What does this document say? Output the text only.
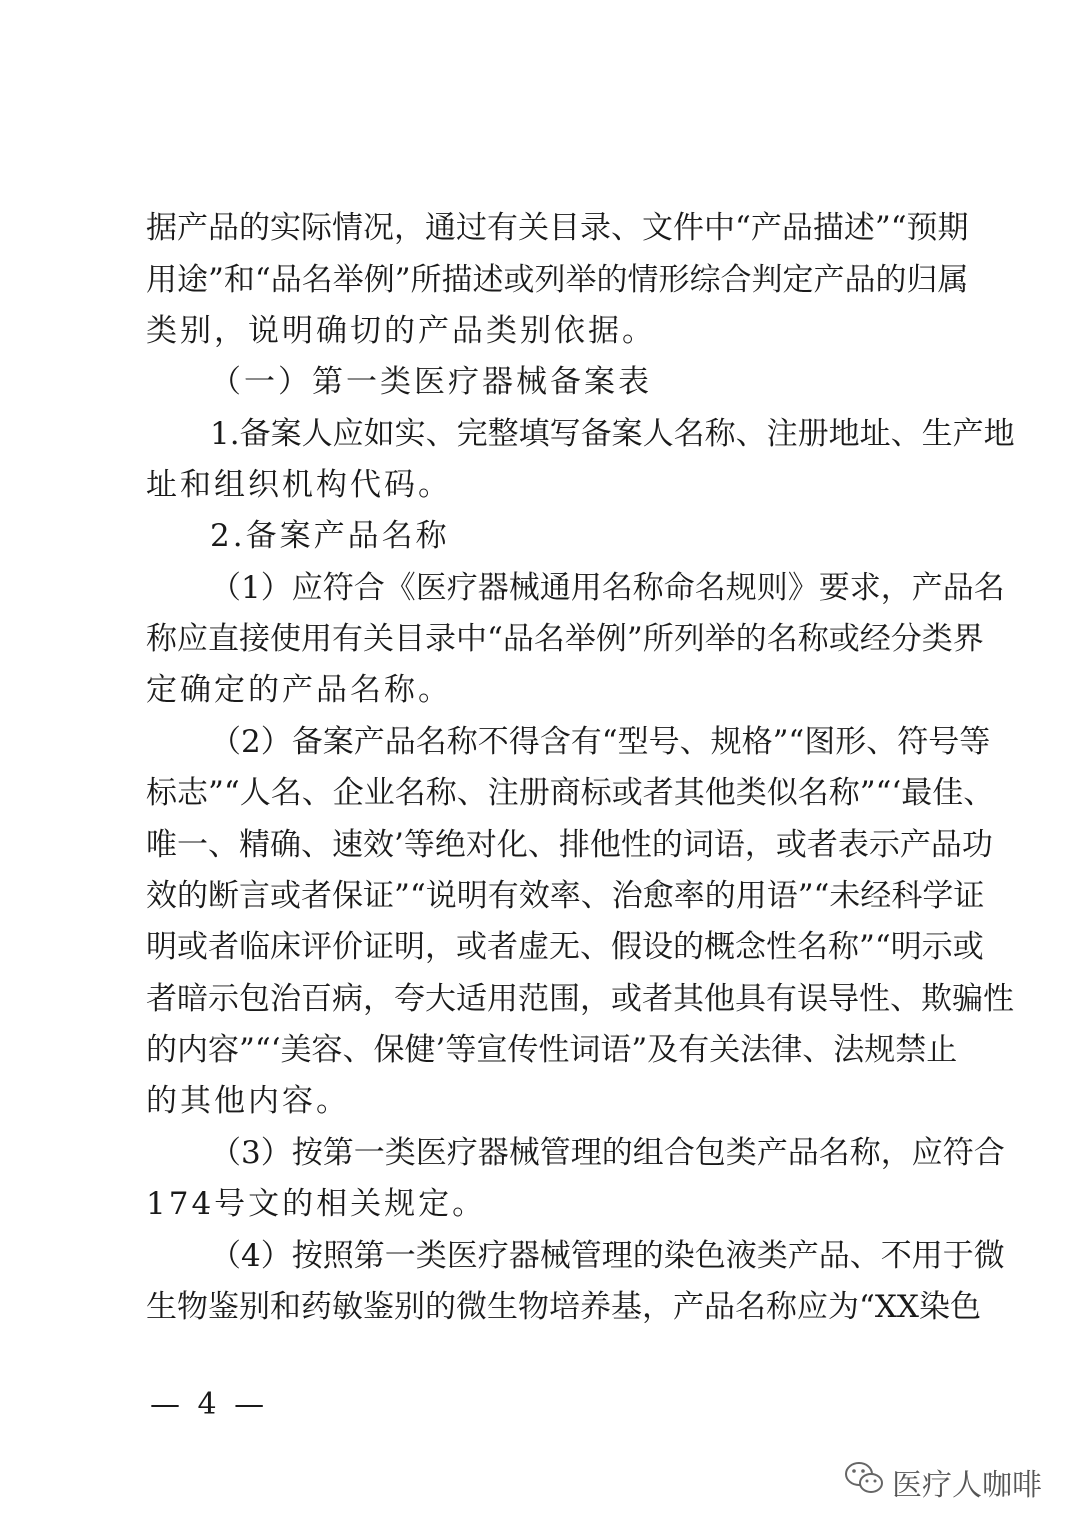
据产品的实际情况，通过有关目录、文件中“产品描述”“预期
用途”和“品名举例”所描述或列举的情形综合判定产品的归属
类别，说明确切的产品类别依据。
（一）第一类医疗器械备案表
1.备案人应如实、完整填写备案人名称、注册地址、生产地
址和组织机构代码。
2.备案产品名称
（1）应符合《医疗器械通用名称命名规则》要求，产品名
称应直接使用有关目录中“品名举例”所列举的名称或经分类界
定确定的产品名称。
（2）备案产品名称不得含有“型号、规格”“图形、符号等
标志”“人名、企业名称、注册商标或者其他类似名称”“‘最佳、
唯一、精确、速效’等绝对化、排他性的词语，或者表示产品功
效的断言或者保证”“说明有效率、治愈率的用语”“未经科学证
明或者临床评价证明，或者虚无、假设的概念性名称”“明示或
者暗示包治百病，夸大适用范围，或者其他具有误导性、欺骗性
的内容”“‘美容、保健’等宣传性词语”及有关法律、法规禁止
的其他内容。
（3）按第一类医疗器械管理的组合包类产品名称，应符合
174号文的相关规定。
（4）按照第一类医疗器械管理的染色液类产品、不用于微
生物鉴别和药敏鉴别的微生物培养基，产品名称应为“XX染色
— 4 —
医疗人咖啡
